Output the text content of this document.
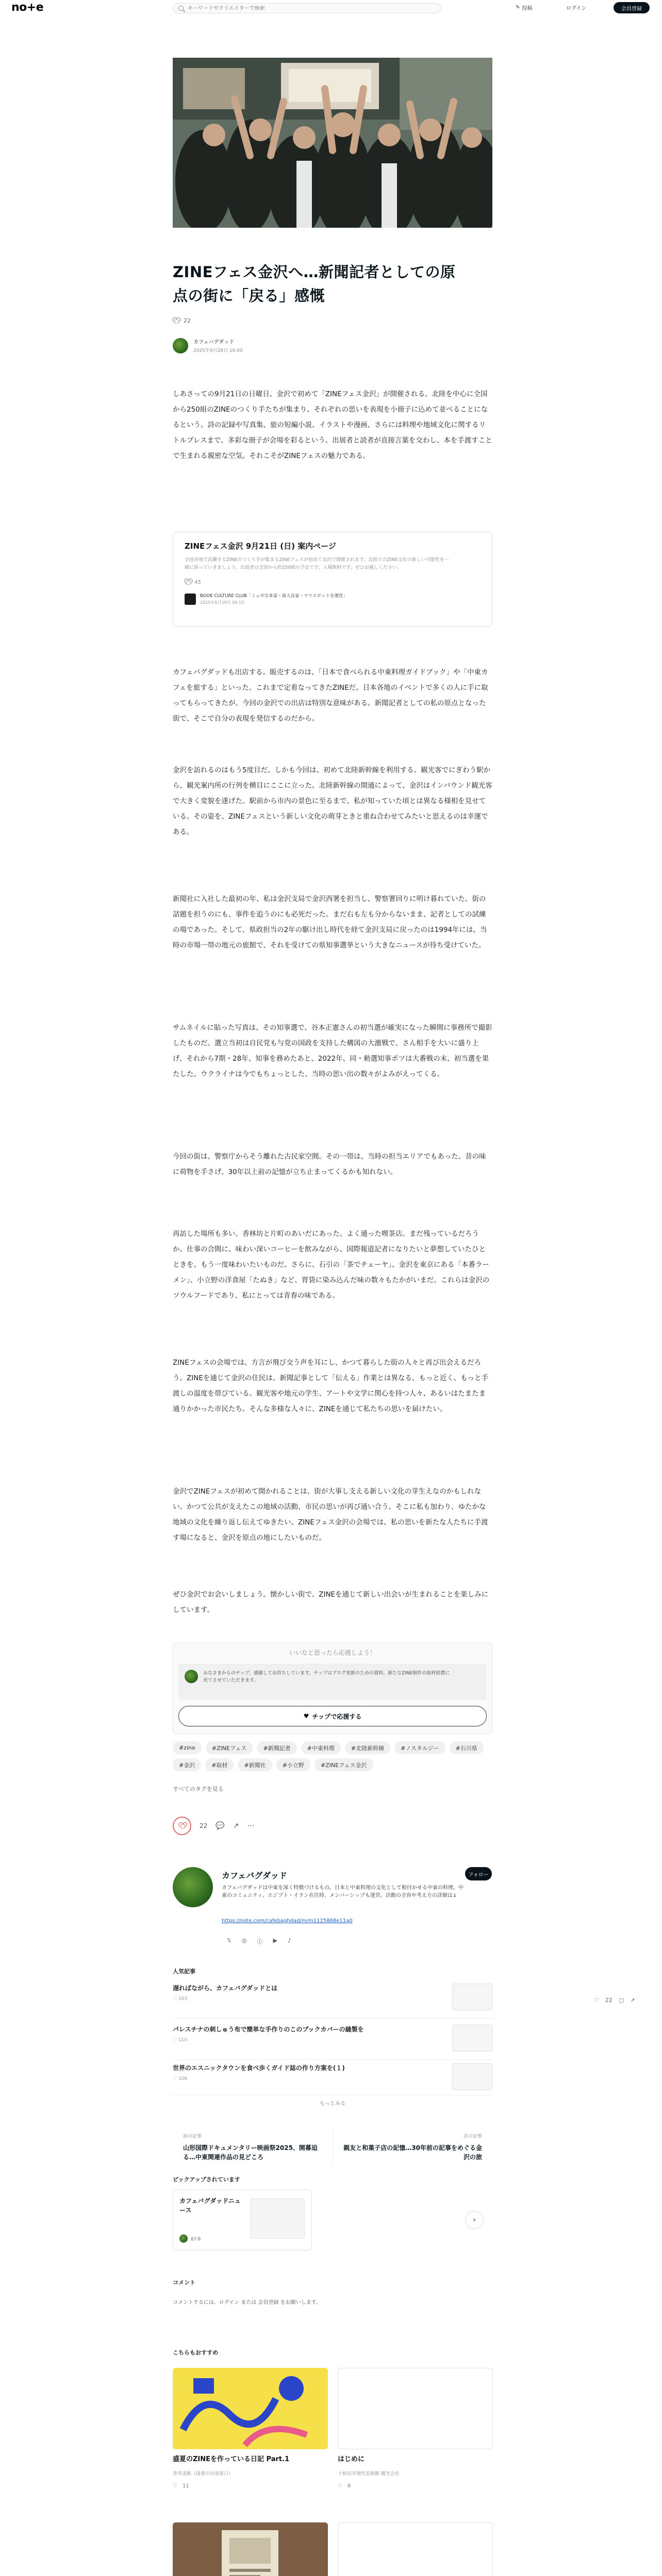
no+e
キーワードやクリエイターで検索	✎ 投稿	ログイン	会員登録
ZINEフェス金沢へ…新聞記者としての原
点の街に「戻る」感慨
22
カフェバグダッド
2025年9月28日 16:00
しあさっての9月21日の日曜日、金沢で初めて「ZINEフェス金沢」が開催される。北陸を中心に全国から250組のZINEのつくり手たちが集まり、それぞれの思いを表現を小冊子に込めて並べることになるという。詩の記録や写真集、旅の短編小説、イラストや漫画、さらには料理や地域文化に関するリトルプレスまで、多彩な冊子が会場を彩るという。出展者と読者が直接言葉を交わし、本を手渡すことで生まれる親密な空気。それこそがZINEフェスの魅力である。
ZINEフェス金沢 9月21日 (日) 案内ページ
全国各地で活躍するZINEのつくり手が集まるZINEフェスが初めて金沢で開催されます。北陸でのZINE文化の新しい可能性を一緒に探っていきましょう。出展者は全国から約250組の予定です。入場無料です。ぜひお越しください。
45
BOOK CULTURE CLUB「ミュゼ宗本家・南人良家・マリスポットを運営」
2025年6月29日 09:10
カフェバグダッドも出店する。販売するのは、「日本で食べられる中東料理ガイドブック」や「中東カフェを旅する」といった、これまで定着なってきたZINEだ。日本各地のイベントで多くの人に手に取ってもらってきたが、今回の金沢での出店は特別な意味がある。新聞記者としての私の原点となった街で、そこで自分の表現を発信するのだから。
金沢を訪れるのはもう5度目だ。しかも今回は、初めて北陸新幹線を利用する。観光客でにぎわう駅から、観光案内所の行列を横目にここに立った。北陸新幹線の開通によって、金沢はインバウンド観光客で大きく変貌を遂げた。駅前から市内の景色に至るまで、私が知っていた頃とは異なる様相を見せている。その姿を、ZINEフェスという新しい文化の萌芽ときと重ね合わせてみたいと思えるのは幸運である。
新聞社に入社した最初の年、私は金沢支局で金沢西署を担当し、警察署回りに明け暮れていた。街の話題を担うのにも、事件を追うのにも必死だった。まだ右も左も分からないまま、記者としての試練の場であった。そして、県政担当の2年の駆け出し時代を経て金沢支局に戻ったのは1994年には、当時の市場一帯の地元の旅館で、それを受けての県知事選挙という大きなニュースが待ち受けていた。
サムネイルに貼った写真は、その知事選で、谷本正憲さんの初当選が確実になった瞬間に事務所で撮影したものだ。選立当初は自民党も与党の国政を支持した構図の大激戦で、さん相手を大いに盛り上げ、それから7期・28年、知事を務めたあと、2022年、同・勅選知事ポツは大番戦の末、初当選を果たした。ウクライナは今でもちょっとした、当時の思い出の数々がよみがえってくる。
今回の街は、警察庁からそう離れた古民家空間。その一帯は、当時の担当エリアでもあった。昔の味に荷物を手さげ、30年以上前の記憶が立ち止まってくるかも知れない。
再訪した場所も多い。香林坊と片町のあいだにあった、よく通った喫茶店。まだ残っているだろうか。仕事の合間に、味わい深いコーヒーを飲みながら、国際報道記者になりたいと夢想していたひとときを、もう一度味わいたいものだ。さらに、石引の「茶でチェーヤ」、金沢を東京にある「本番ラーメン」、小立野の洋食屋「たぬき」など、胃袋に染み込んだ味の数々もたかがいまだ。これらは金沢のソウルフードであり、私にとっては青春の味である。
ZINEフェスの会場では、方言が飛び交う声を耳にし、かつて暮らした街の人々と再び出会えるだろう。ZINEを通じて金沢の住民は、新聞記事として「伝える」作業とは異なる、もっと近く、もっと手渡しの温度を帯びている。観光客や地元の学生、アートや文学に関心を持つ人々、あるいはたまたま通りかかった市民たち。そんな多様な人々に、ZINEを通じて私たちの思いを届けたい。
金沢でZINEフェスが初めて開かれることは、街が大事し支える新しい文化の芽生えなのかもしれない。かつて公共が支えたこの地域の活動、市民の思いが再び通い合う。そこに私も加わり、ゆたかな地域の文化を繰り返し伝えてゆきたい。ZINEフェス金沢の会場では、私の思いを新たな人たちに手渡す場になると、金沢を原点の地にしたいものだ。
ぜひ金沢でお会いしましょう。懐かしい街で、ZINEを通じて新しい出会いが生まれることを楽しみにしています。
いいなと思ったら応援しよう！
みなさまからのチップ、感謝してお待ちしています。チップはブログ更新のための資料、新たなZINE制作の取材経費に充てさせていただきます。
♥ チップで応援する
#zine	#ZINEフェス	#新聞記者	#中東料理	#北陸新幹線	#ノスタルジー	#石川県
#金沢	#取材	#新聞社	#小立野	#ZINEフェス金沢
すべてのタグを見る
22 💬 ↗ ⋯
カフェバグダッド	フォロー
カフェバグダッドは中東を深く特徴づけるもの。日本と中東料理の文化として根付かせる中東の料理。中東のコミュニティ、エジプト・イラン在住時、メンバーシップも運営。活動の全容や考え方の詳細は↓
https://note.com/cafebaghdad/m/m1125868e11a0
𝕏 ◎ ⓕ ▶ ♪
人気記事
遅ればながら、カフェバグダッドとは
♡ 163
パレスチナの刺しゅう布で簡単な手作りのこのブックカバーの縫製を
♡ 110
世界のエスニックタウンを食べ歩くガイド誌の作り方案を(１)
♡ 106
もっとみる
♡ 22 ▢ ↗
前の記事
山形国際ドキュメンタリー映画祭2025、開幕迫る…中東関連作品の見どころ
次の記事
親友と和菓子店の記憶…30年前の記事をめぐる金沢の旅
ピックアップされています
カフェバグダッドニュース
87本
›
コメント
コメントするには、ログイン または 会員登録 をお願いします。
こちらもおすすめ
盛夏のZINEを作っている日記 Part.1	はじめに
香寿美帆（図書の出張窓口）	十和田市現代美術館 観光会社
♡ 11	♡ 6
